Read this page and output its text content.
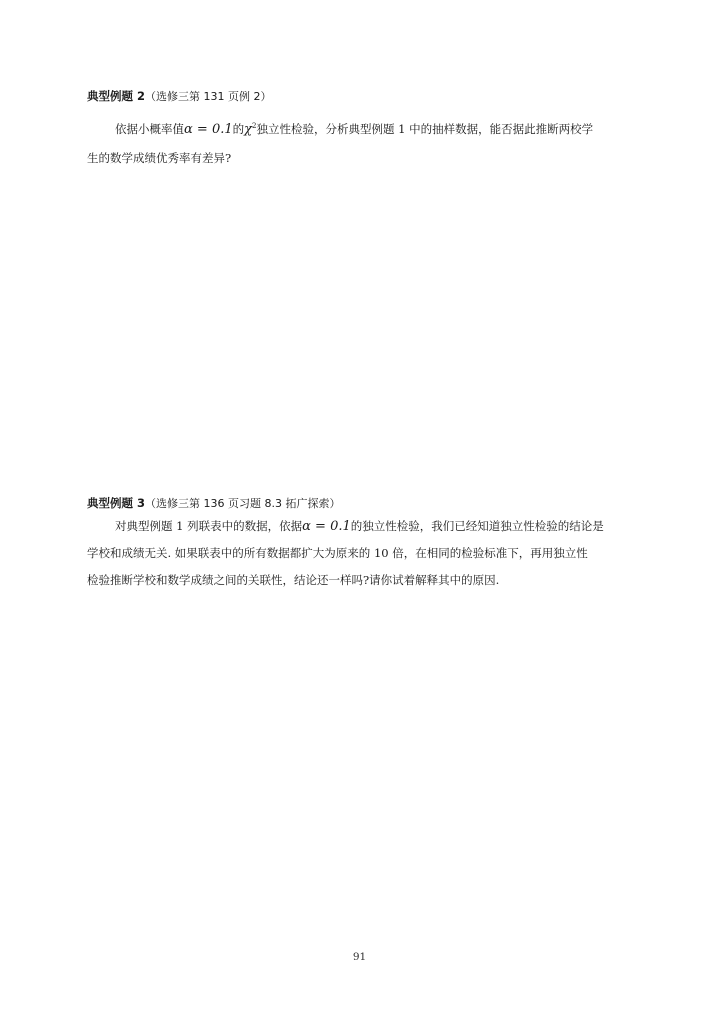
典型例题 2（选修三第 131 页例 2）
依据小概率值α = 0.1的$\chi^2$独立性检验，分析典型例题 1 中的抽样数据，能否据此推断两校学
生的数学成绩优秀率有差异?
典型例题 3（选修三第 136 页习题 8.3 拓广探索）
对典型例题 1 列联表中的数据，依据α = 0.1的独立性检验，我们已经知道独立性检验的结论是
学校和成绩无关. 如果联表中的所有数据都扩大为原来的 10 倍，在相同的检验标准下，再用独立性
检验推断学校和数学成绩之间的关联性，结论还一样吗?请你试着解释其中的原因.
91
